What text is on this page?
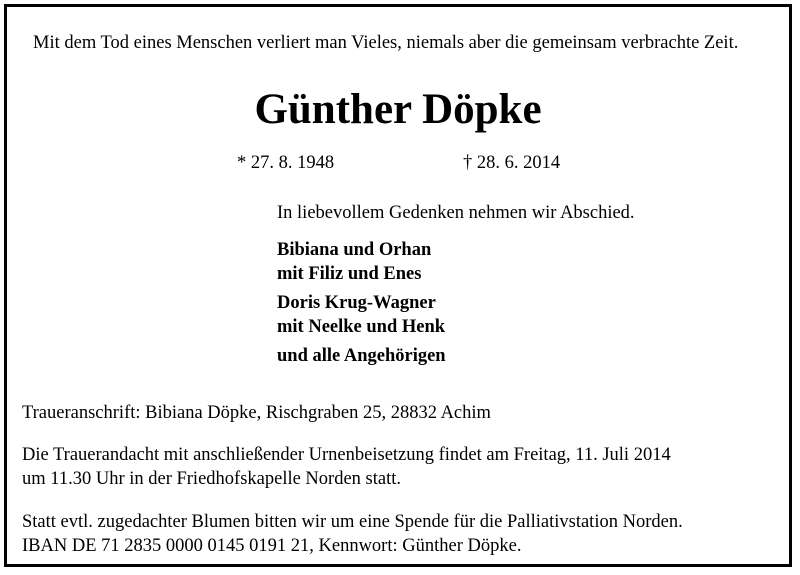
Mit dem Tod eines Menschen verliert man Vieles, niemals aber die gemeinsam verbrachte Zeit.
Günther Döpke
* 27. 8. 1948	† 28. 6. 2014
In liebevollem Gedenken nehmen wir Abschied.
Bibiana und Orhan
mit Filiz und Enes
Doris Krug-Wagner
mit Neelke und Henk
und alle Angehörigen
Traueranschrift: Bibiana Döpke, Rischgraben 25, 28832 Achim
Die Trauerandacht mit anschließender Urnenbeisetzung findet am Freitag, 11. Juli 2014
um 11.30 Uhr in der Friedhofskapelle Norden statt.
Statt evtl. zugedachter Blumen bitten wir um eine Spende für die Palliativstation Norden.
IBAN DE 71 2835 0000 0145 0191 21, Kennwort: Günther Döpke.
